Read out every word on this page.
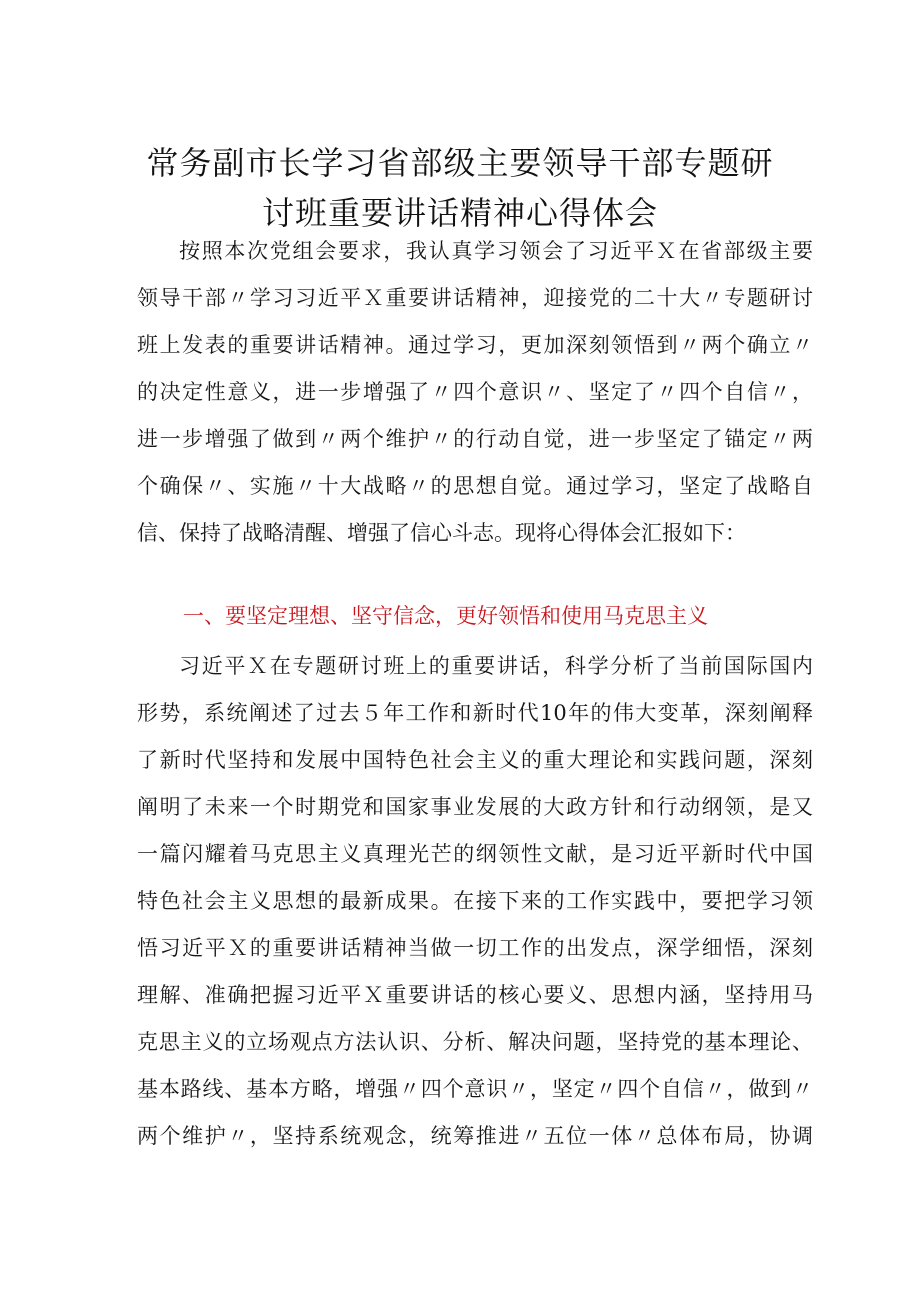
常务副市长学习省部级主要领导干部专题研
讨班重要讲话精神心得体会
按照本次党组会要求，我认真学习领会了习近平Ｘ在省部级主要
领导干部〃学习习近平Ｘ重要讲话精神，迎接党的二十大〃专题研讨
班上发表的重要讲话精神。通过学习，更加深刻领悟到〃两个确立〃
的决定性意义，进一步增强了〃四个意识〃、坚定了〃四个自信〃，
进一步增强了做到〃两个维护〃的行动自觉，进一步坚定了锚定〃两
个确保〃、实施〃十大战略〃的思想自觉。通过学习，坚定了战略自
信、保持了战略清醒、增强了信心斗志。现将心得体会汇报如下：
一、要坚定理想、坚守信念，更好领悟和使用马克思主义
习近平Ｘ在专题研讨班上的重要讲话，科学分析了当前国际国内
形势，系统阐述了过去５年工作和新时代10年的伟大变革，深刻阐释
了新时代坚持和发展中国特色社会主义的重大理论和实践问题，深刻
阐明了未来一个时期党和国家事业发展的大政方针和行动纲领，是又
一篇闪耀着马克思主义真理光芒的纲领性文献，是习近平新时代中国
特色社会主义思想的最新成果。在接下来的工作实践中，要把学习领
悟习近平Ｘ的重要讲话精神当做一切工作的出发点，深学细悟，深刻
理解、准确把握习近平Ｘ重要讲话的核心要义、思想内涵，坚持用马
克思主义的立场观点方法认识、分析、解决问题，坚持党的基本理论、
基本路线、基本方略，增强〃四个意识〃，坚定〃四个自信〃，做到〃
两个维护〃，坚持系统观念，统筹推进〃五位一体〃总体布局，协调
